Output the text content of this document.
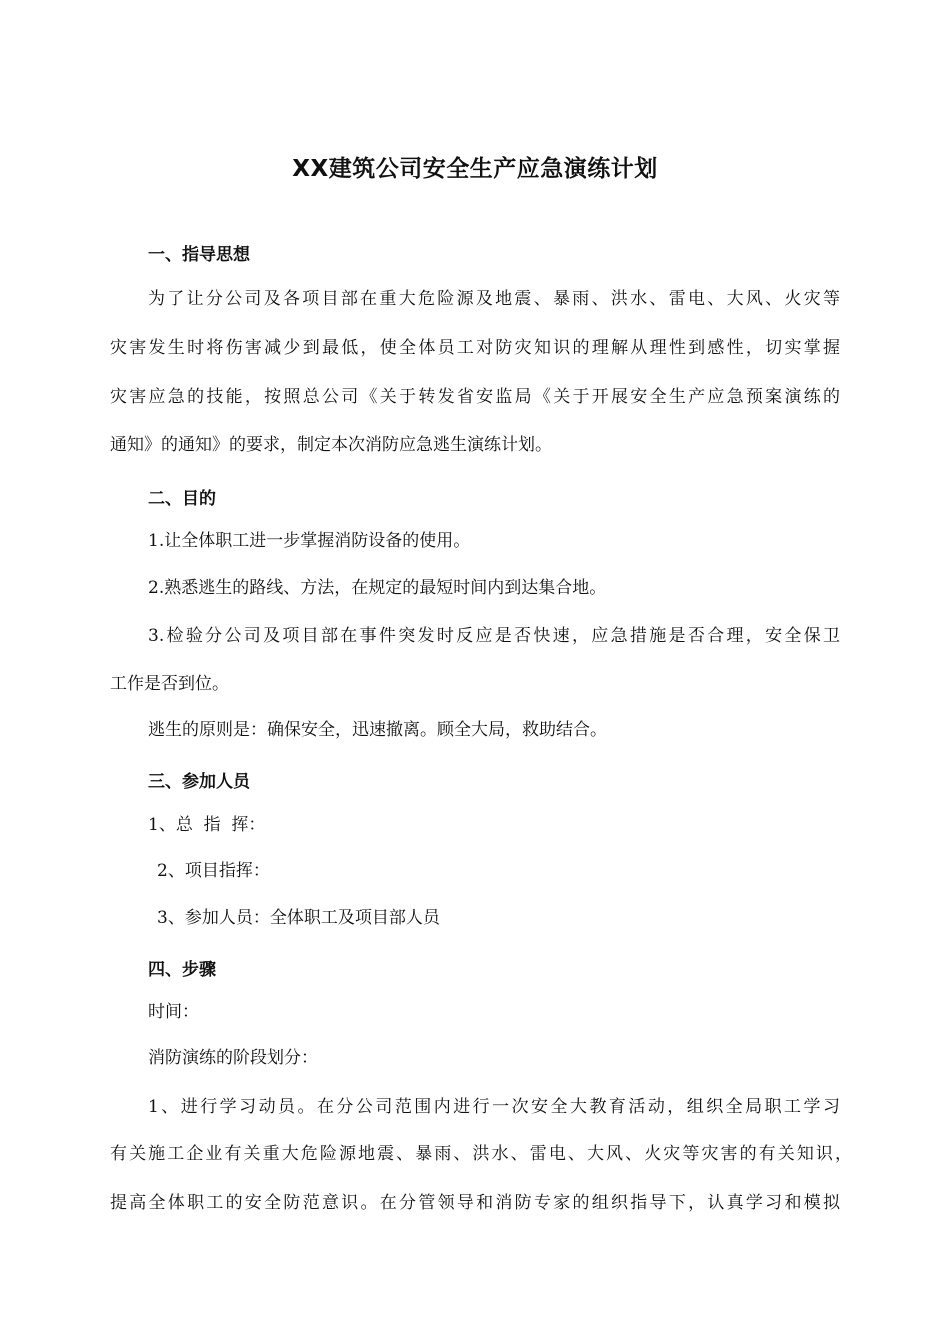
XX建筑公司安全生产应急演练计划
一、指导思想
为了让分公司及各项目部在重大危险源及地震、暴雨、洪水、雷电、大风、火灾等
灾害发生时将伤害减少到最低，使全体员工对防灾知识的理解从理性到感性，切实掌握
灾害应急的技能，按照总公司《关于转发省安监局《关于开展安全生产应急预案演练的
通知》的通知》的要求，制定本次消防应急逃生演练计划。
二、目的
1.让全体职工进一步掌握消防设备的使用。
2.熟悉逃生的路线、方法，在规定的最短时间内到达集合地。
3.检验分公司及项目部在事件突发时反应是否快速，应急措施是否合理，安全保卫
工作是否到位。
逃生的原则是：确保安全，迅速撤离。顾全大局，救助结合。
三、参加人员
1、总  指  挥：
2、项目指挥：
3、参加人员：全体职工及项目部人员
四、步骤
时间：
消防演练的阶段划分：
1、进行学习动员。在分公司范围内进行一次安全大教育活动，组织全局职工学习
有关施工企业有关重大危险源地震、暴雨、洪水、雷电、大风、火灾等灾害的有关知识，
提高全体职工的安全防范意识。在分管领导和消防专家的组织指导下，认真学习和模拟
